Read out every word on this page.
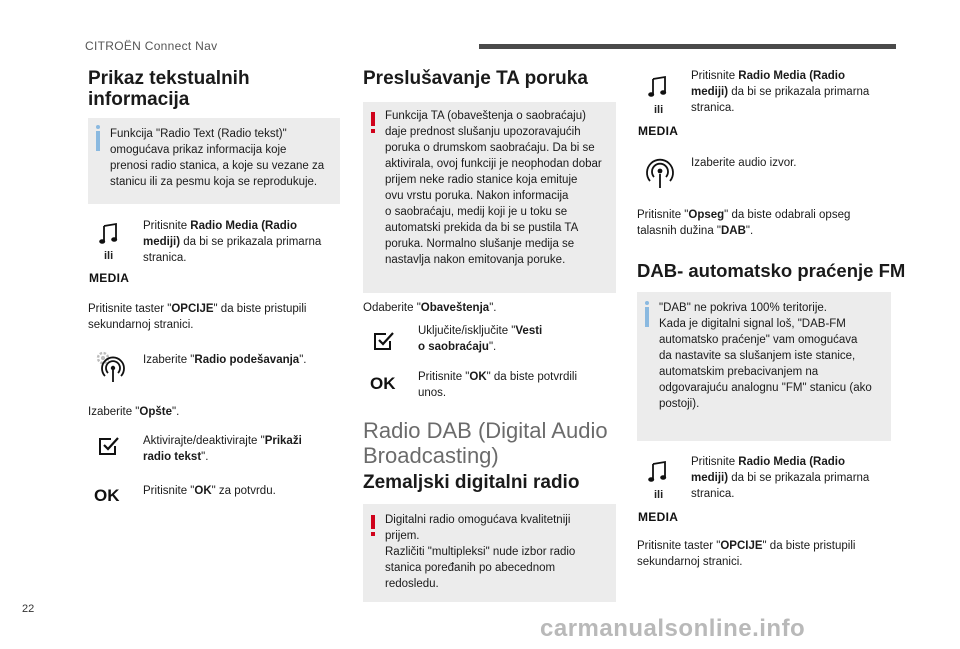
CITROËN Connect Nav
Prikaz tekstualnih
informacija
Funkcija "Radio Text (Radio tekst)"
omogućava prikaz informacija koje
prenosi radio stanica, a koje su vezane za
stanicu ili za pesmu koja se reprodukuje.
ili
MEDIA
Pritisnite Radio Media (Radio
mediji) da bi se prikazala primarna
stranica.
Pritisnite taster "OPCIJE" da biste pristupili
sekundarnoj stranici.
Izaberite "Radio podešavanja".
Izaberite "Opšte".
Aktivirajte/deaktivirajte "Prikaži
radio tekst".
OK Pritisnite "OK" za potvrdu.
Preslušavanje TA poruka
Funkcija TA (obaveštenja o saobraćaju)
daje prednost slušanju upozoravajućih
poruka o drumskom saobraćaju. Da bi se
aktivirala, ovoj funkciji je neophodan dobar
prijem neke radio stanice koja emituje
ovu vrstu poruka. Nakon informacija
o saobraćaju, medij koji je u toku se
automatski prekida da bi se pustila TA
poruka. Normalno slušanje medija se
nastavlja nakon emitovanja poruke.
Odaberite "Obaveštenja".
Uključite/isključite "Vesti
o saobraćaju".
OK Pritisnite "OK" da biste potvrdili
unos.
Radio DAB (Digital Audio
Broadcasting)
Zemaljski digitalni radio
Digitalni radio omogućava kvalitetniji
prijem.
Različiti "multipleksi" nude izbor radio
stanica poređanih po abecednom
redosledu.
ili
MEDIA
Pritisnite Radio Media (Radio
mediji) da bi se prikazala primarna
stranica.
Izaberite audio izvor.
Pritisnite "Opseg" da biste odabrali opseg
talasnih dužina "DAB".
DAB- automatsko praćenje FM
"DAB" ne pokriva 100% teritorije.
Kada je digitalni signal loš, "DAB-FM
automatsko praćenje" vam omogućava
da nastavite sa slušanjem iste stanice,
automatskim prebacivanjem na
odgovarajuću analognu "FM" stanicu (ako
postoji).
ili
MEDIA
Pritisnite Radio Media (Radio
mediji) da bi se prikazala primarna
stranica.
Pritisnite taster "OPCIJE" da biste pristupili
sekundarnoj stranici.
22
carmanualsonline.info
